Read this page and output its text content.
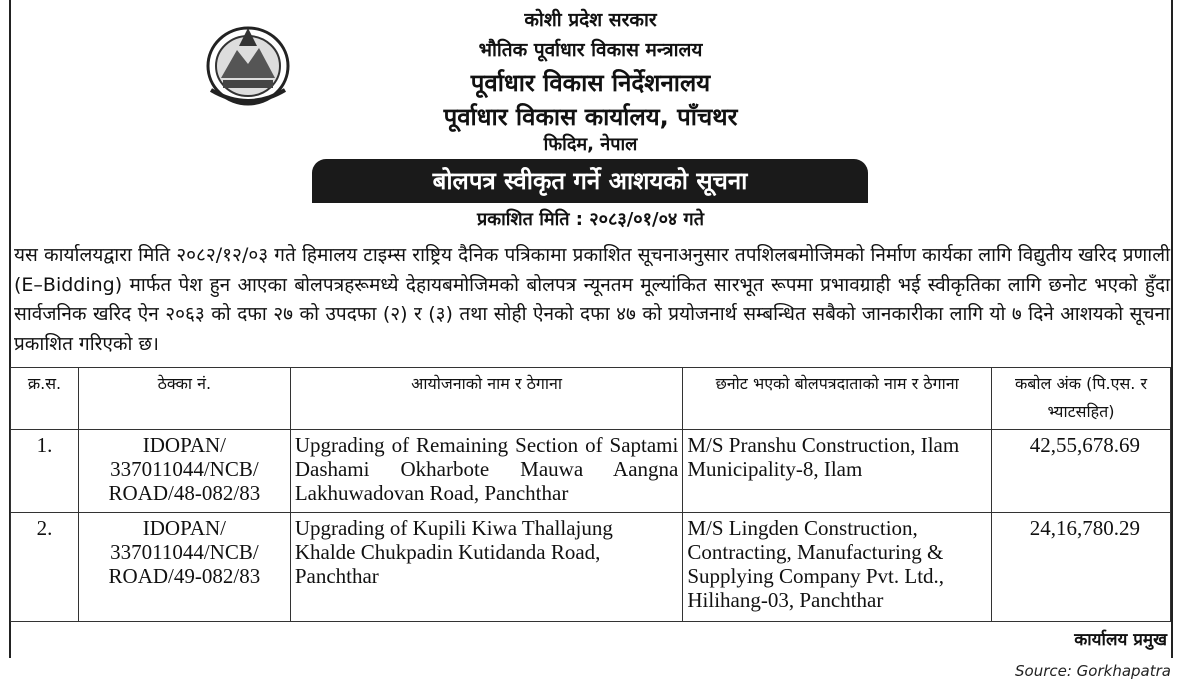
कोशी प्रदेश सरकार
भौतिक पूर्वाधार विकास मन्त्रालय
पूर्वाधार विकास निर्देशनालय
पूर्वाधार विकास कार्यालय, पाँचथर
फिदिम, नेपाल
बोलपत्र स्वीकृत गर्ने आशयको सूचना
प्रकाशित मिति : २०८३/०१/०४ गते
यस कार्यालयद्वारा मिति २०८२/१२/०३ गते हिमालय टाइम्स राष्ट्रिय दैनिक पत्रिकामा प्रकाशित सूचनाअनुसार तपशिलबमोजिमको निर्माण कार्यका लागि विद्युतीय खरिद प्रणाली (E–Bidding) मार्फत पेश हुन आएका बोलपत्रहरूमध्ये देहायबमोजिमको बोलपत्र न्यूनतम मूल्यांकित सारभूत रूपमा प्रभावग्राही भई स्वीकृतिका लागि छनोट भएको हुँदा सार्वजनिक खरिद ऐन २०६३ को दफा २७ को उपदफा (२) र (३) तथा सोही ऐनको दफा ४७ को प्रयोजनार्थ सम्बन्धित सबैको जानकारीका लागि यो ७ दिने आशयको सूचना प्रकाशित गरिएको छ।
क्र.स.	ठेक्का नं.	आयोजनाको नाम र ठेगाना	छनोट भएको बोलपत्रदाताको नाम र ठेगाना	कबोल अंक (पि.एस. र भ्याटसहित)
1.	IDOPAN/ 337011044/NCB/ ROAD/48-082/83	Upgrading of Remaining Section of Saptami Dashami Okharbote Mauwa Aangna Lakhuwadovan Road, Panchthar	M/S Pranshu Construction, Ilam Municipality-8, Ilam	42,55,678.69
2.	IDOPAN/ 337011044/NCB/ ROAD/49-082/83	Upgrading of Kupili Kiwa Thallajung Khalde Chukpadin Kutidanda Road, Panchthar	M/S Lingden Construction, Contracting, Manufacturing & Supplying Company Pvt. Ltd., Hilihang-03, Panchthar	24,16,780.29
कार्यालय प्रमुख
Source: Gorkhapatra
